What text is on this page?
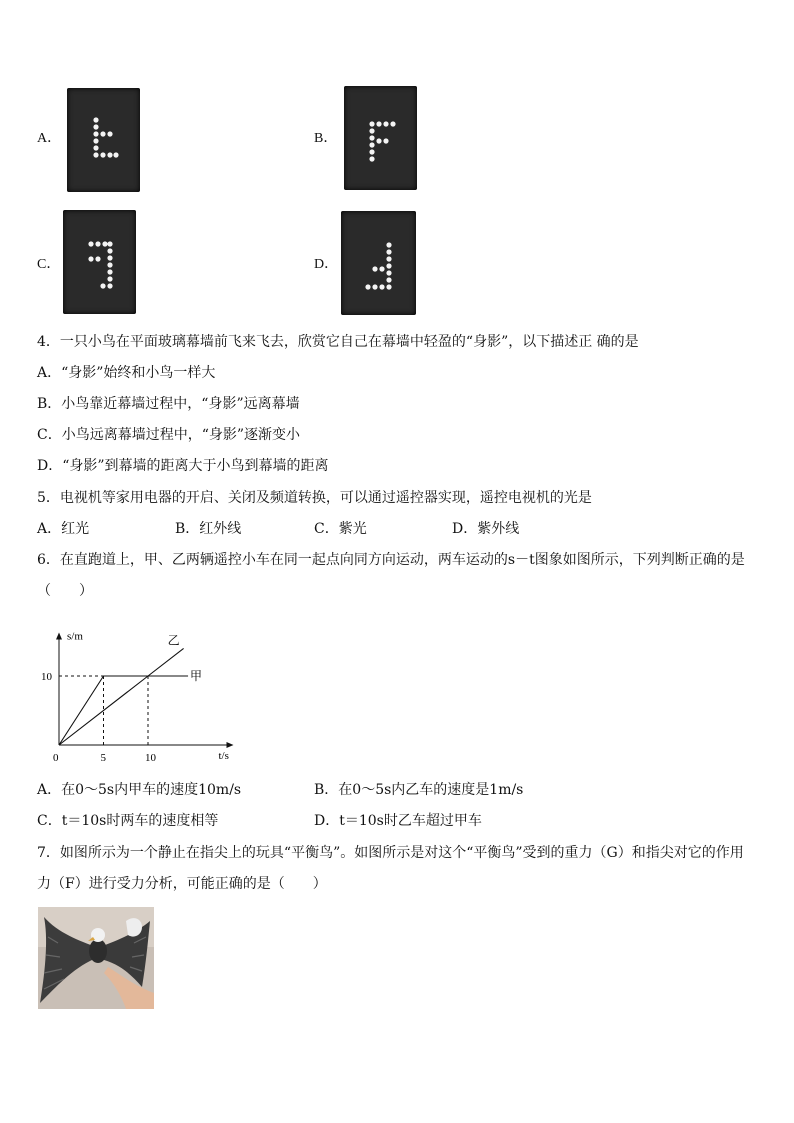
A．	B．
C．	D．
4．一只小鸟在平面玻璃幕墙前飞来飞去，欣赏它自己在幕墙中轻盈的“身影”，以下描述正 确的是
A．“身影”始终和小鸟一样大
B．小鸟靠近幕墙过程中，“身影”远离幕墙
C．小鸟远离幕墙过程中，“身影”逐渐变小
D．“身影”到幕墙的距离大于小鸟到幕墙的距离
5．电视机等家用电器的开启、关闭及频道转换，可以通过遥控器实现，遥控电视机的光是
A．红光	B．红外线	C．紫光	D．紫外线
6．在直跑道上，甲、乙两辆遥控小车在同一起点向同方向运动，两车运动的s－t图象如图所示，下列判断正确的是
（　　）
s/m
t/s
0	5	10
10	甲
乙
A．在0～5s内甲车的速度10m/s	B．在0～5s内乙车的速度是1m/s
C．t＝10s时两车的速度相等	D．t＝10s时乙车超过甲车
7．如图所示为一个静止在指尖上的玩具“平衡鸟”。如图所示是对这个“平衡鸟”受到的重力（G）和指尖对它的作用
力（F）进行受力分析，可能正确的是（　　）
